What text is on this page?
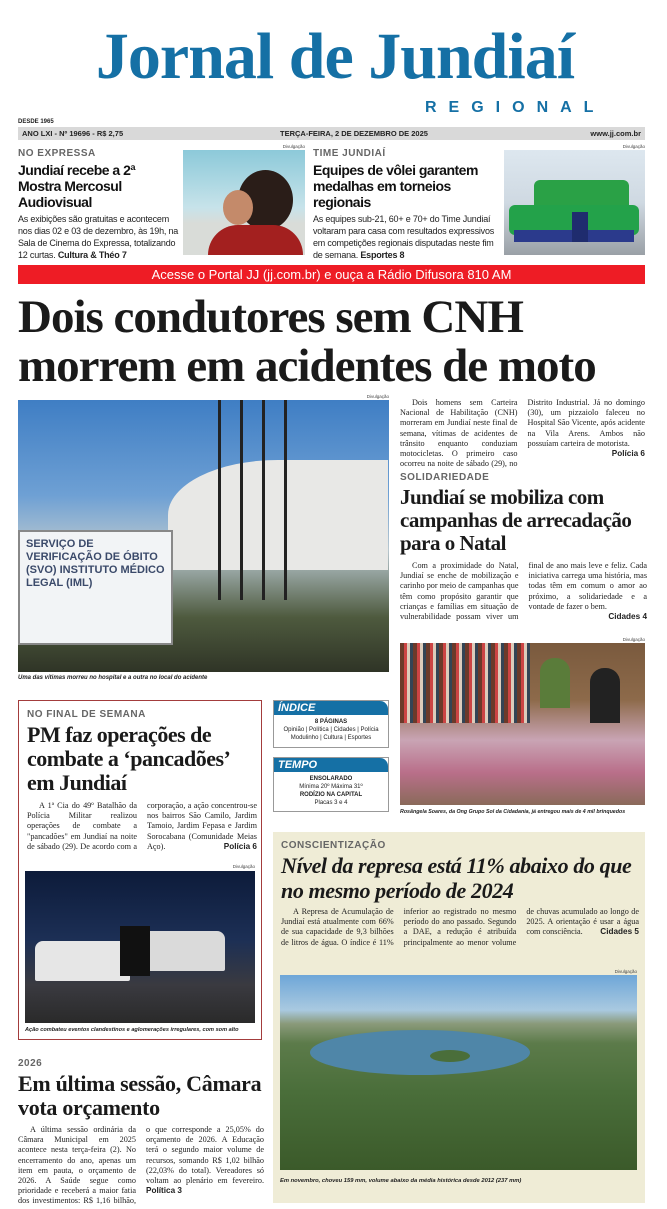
Jornal de Jundiaí
REGIONAL
DESDE 1965
ANO LXI - Nº 19696 - R$ 2,75	TERÇA-FEIRA, 2 DE DEZEMBRO DE 2025	www.jj.com.br
NO EXPRESSA
Jundiaí recebe a 2ª Mostra Mercosul Audiovisual
As exibições são gratuitas e acontecem nos dias 02 e 03 de dezembro, às 19h, na Sala de Cinema do Expressa, totalizando 12 curtas. Cultura & Théo 7
Divulgação
TIME JUNDIAÍ
Equipes de vôlei garantem medalhas em torneios regionais
As equipes sub-21, 60+ e 70+ do Time Jundiaí voltaram para casa com resultados expressivos em competições regionais disputadas neste fim de semana. Esportes 8
Divulgação
Acesse o Portal JJ (jj.com.br) e ouça a Rádio Difusora 810 AM
Dois condutores sem CNH morrem em acidentes de moto
Divulgação
SERVIÇO DE VERIFICAÇÃO DE ÓBITO (SVO) INSTITUTO MÉDICO LEGAL (IML)
Uma das vítimas morreu no hospital e a outra no local do acidente
Dois homens sem Carteira Nacional de Habilitação (CNH) morreram em Jundiaí neste final de semana, vítimas de acidentes de trânsito enquanto conduziam motocicletas. O primeiro caso ocorreu na noite de sábado (29), no Distrito Industrial. Já no domingo (30), um pizzaiolo faleceu no Hospital São Vicente, após acidente na Vila Arens. Ambos não possuíam carteira de motorista.
Polícia 6
SOLIDARIEDADE
Jundiaí se mobiliza com campanhas de arrecadação para o Natal
Com a proximidade do Natal, Jundiaí se enche de mobilização e carinho por meio de campanhas que têm como propósito garantir que crianças e famílias em situação de vulnerabilidade possam viver um final de ano mais leve e feliz. Cada iniciativa carrega uma história, mas todas têm em comum o amor ao próximo, a solidariedade e a vontade de fazer o bem.
Cidades 4
Divulgação
Rosângela Soares, da Ong Grupo Sol da Cidadania, já entregou mais de 4 mil brinquedos
NO FINAL DE SEMANA
PM faz operações de combate a ‘pancadões’ em Jundiaí
A 1ª Cia do 49º Batalhão da Polícia Militar realizou operações de combate a "pancadões" em Jundiaí na noite de sábado (29). De acordo com a corporação, a ação concentrou-se nos bairros São Camilo, Jardim Tamoio, Jardim Fepasa e Jardim Sorocabana (Comunidade Meias Aço).	Polícia 6
Divulgação
Ação combateu eventos clandestinos e aglomerações irregulares, com som alto
ÍNDICE
8 PÁGINAS
Opinião | Política | Cidades | Polícia
Modulinho | Cultura | Esportes
TEMPO
ENSOLARADO
Mínima 20º Máxima 31º
RODÍZIO NA CAPITAL
Placas 3 e 4
CONSCIENTIZAÇÃO
Nível da represa está 11% abaixo do que no mesmo período de 2024
A Represa de Acumulação de Jundiaí está atualmente com 66% de sua capacidade de 9,3 bilhões de litros de água. O índice é 11% inferior ao registrado no mesmo período do ano passado. Segundo a DAE, a redução é atribuída principalmente ao menor volume de chuvas acumulado ao longo de 2025. A orientação é usar a água com consciência.	Cidades 5
Divulgação
Em novembro, choveu 159 mm, volume abaixo da média histórica desde 2012 (237 mm)
2026
Em última sessão, Câmara vota orçamento
A última sessão ordinária da Câmara Municipal em 2025 acontece nesta terça-feira (2). No encerramento do ano, apenas um item em pauta, o orçamento de 2026. A Saúde segue como prioridade e receberá a maior fatia dos investimentos: R$ 1,16 bilhão, o que corresponde a 25,05% do orçamento de 2026. A Educação terá o segundo maior volume de recursos, somando R$ 1,02 bilhão (22,03% do total). Vereadores só voltam ao plenário em fevereiro. Política 3
